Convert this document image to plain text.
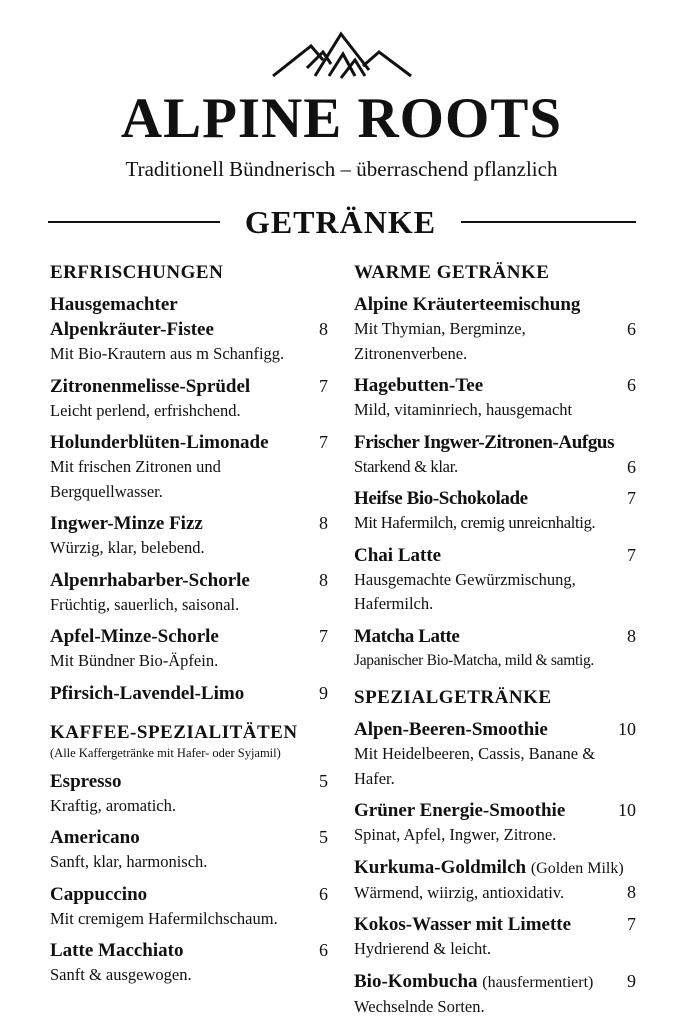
ALPINE ROOTS
Traditionell Bündnerisch – überraschend pflanzlich
GETRÄNKE
ERFRISCHUNGEN
Hausgemachter Alpenkräuter-Fistee
Mit Bio-Krautern aus m Schanfigg.
8
Zitronenmelisse-Sprüdel
Leicht perlend, erfrishchend.
7
Holunderblüten-Limonade
Mit frischen Zitronen und Bergquellwasser.
7
Ingwer-Minze Fizz
Würzig, klar, belebend.
8
Alpenrhabarber-Schorle
Früchtig, sauerlich, saisonal.
8
Apfel-Minze-Schorle
Mit Bündner Bio-Äpfein.
7
Pfirsich-Lavendel-Limo	9
KAFFEE-SPEZIALITÄTEN
(Alle Kaffergetränke mit Hafer- oder Syjamil)
Espresso
Kraftig, aromatich.
5
Americano
Sanft, klar, harmonisch.
5
Cappuccino
Mit cremigem Hafermilchschaum.
6
Latte Macchiato
Sanft & ausgewogen.
6
WARME GETRÄNKE
Alpine Kräuterteemischung
Mit Thymian, Bergminze, Zitronenverbene.
6
Hagebutten-Tee
Mild, vitaminriech, hausgemacht
6
Frischer Ingwer-Zitronen-Aufgus
Starkend & klar.	6
Heifse Bio-Schokolade
Mit Hafermilch, cremig unreicnhaltig.
7
Chai Latte
Hausgemachte Gewürzmischung, Hafermilch.
7
Matcha Latte
Japanischer Bio-Matcha, mild & samtig.
8
SPEZIALGETRÄNKE
Alpen-Beeren-Smoothie
Mit Heidelbeeren, Cassis, Banane & Hafer.
10
Grüner Energie-Smoothie
Spinat, Apfel, Ingwer, Zitrone.
10
Kurkuma-Goldmilch (Golden Milk)
Wärmend, wiirzig, antioxidativ.	8
Kokos-Wasser mit Limette
Hydrierend & leicht.
7
Bio-Kombucha (hausfermentiert)
Wechselnde Sorten.
9
